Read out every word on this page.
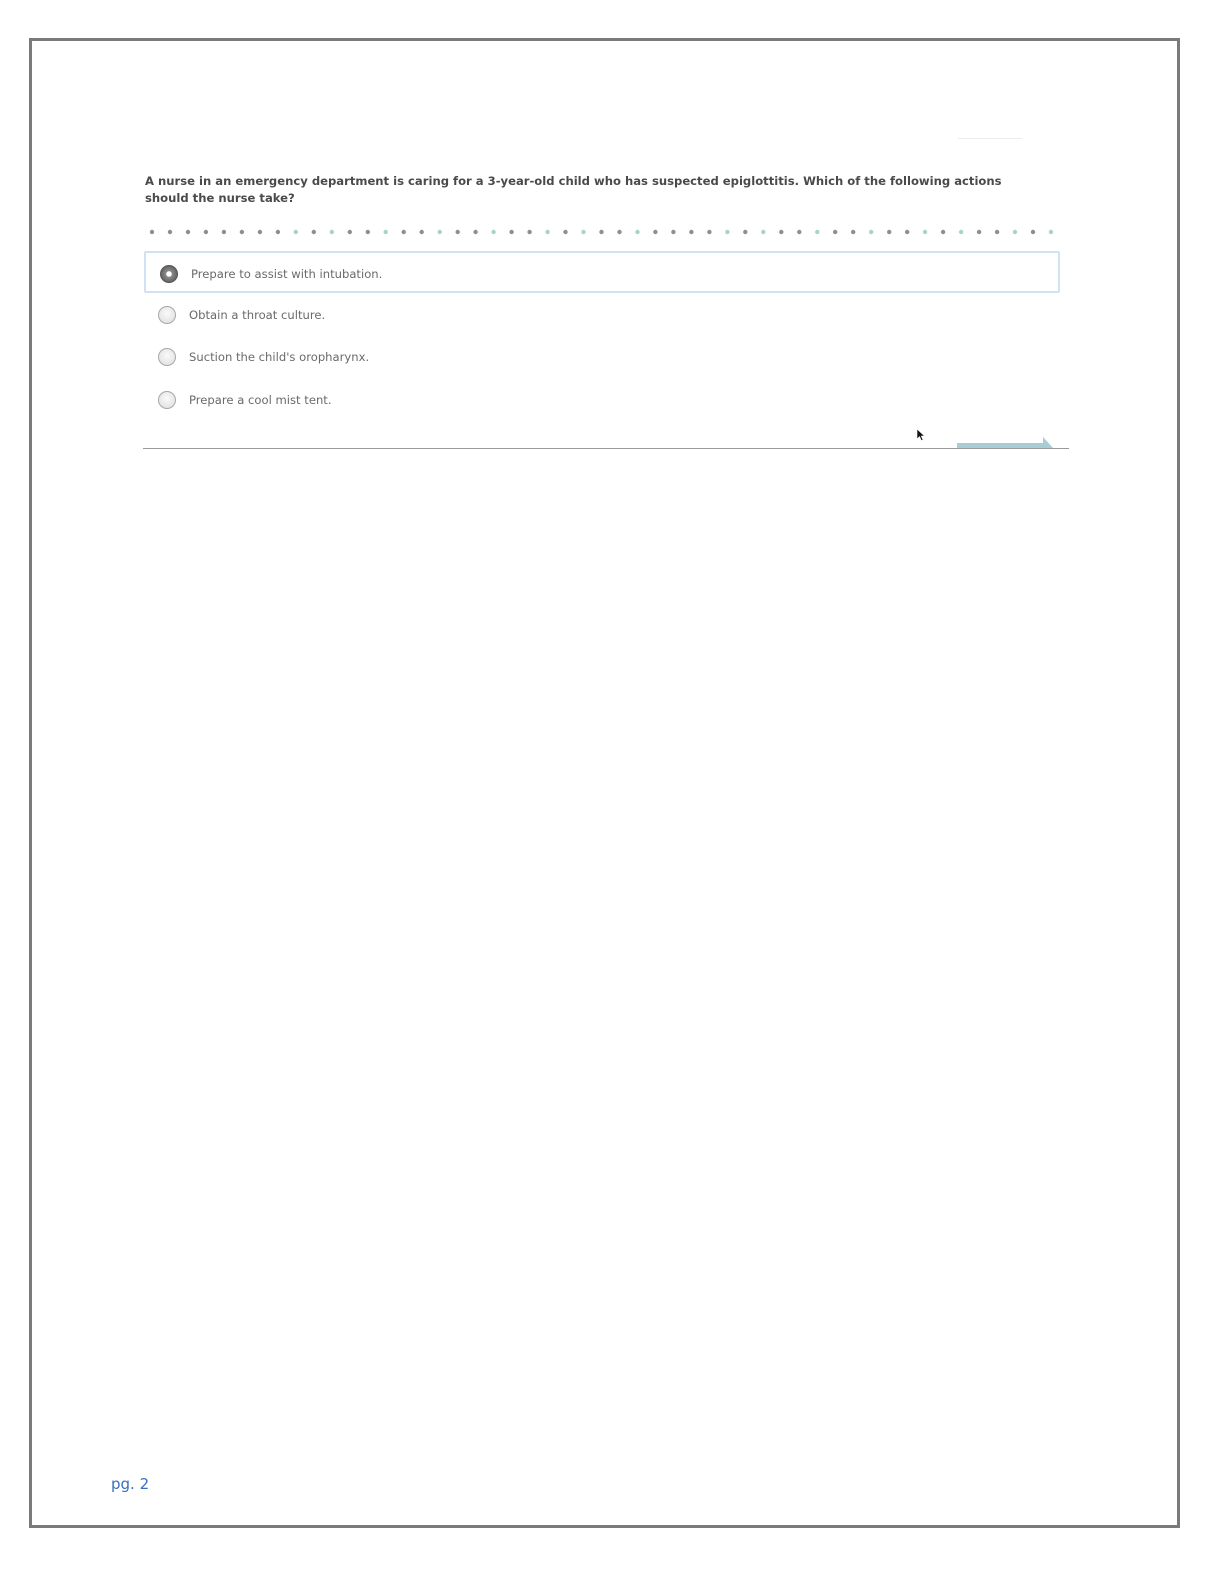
A nurse in an emergency department is caring for a 3-year-old child who has suspected epiglottitis. Which of the following actions should the nurse take?

Prepare to assist with intubation.
Obtain a throat culture.
Suction the child's oropharynx.
Prepare a cool mist tent.
pg. 2
